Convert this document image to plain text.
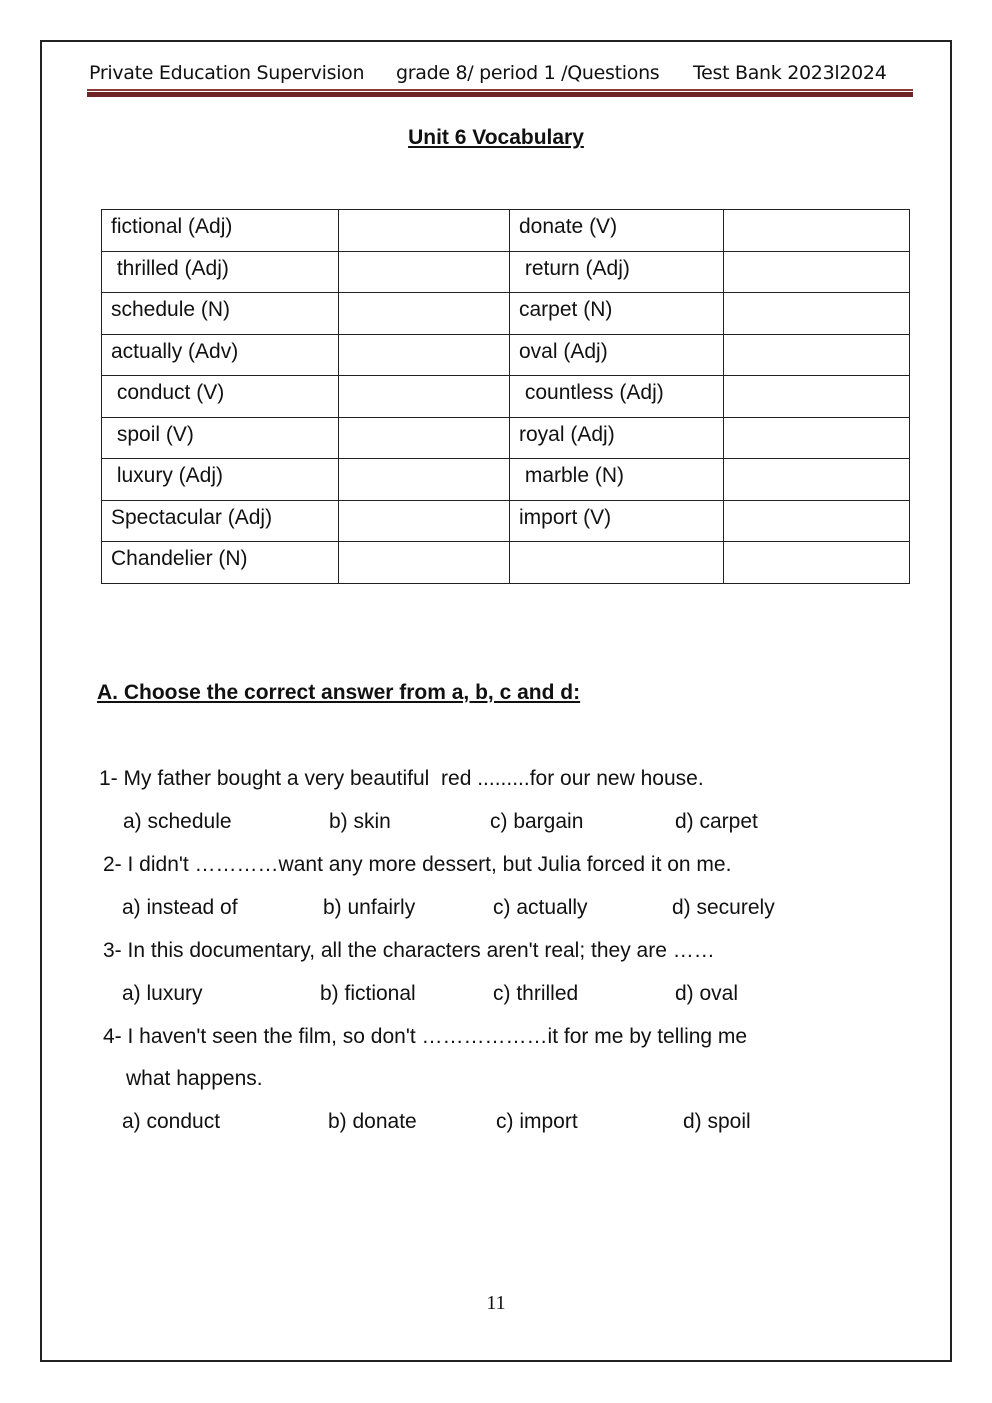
Private Education Supervision grade 8/ period 1 /Questions Test Bank 2023l2024
Unit 6 Vocabulary
fictional (Adj)		donate (V)	
thrilled (Adj)		return (Adj)	
schedule (N)		carpet (N)	
actually (Adv)		oval (Adj)	
conduct (V)		countless (Adj)	
spoil (V)		royal (Adj)	
luxury (Adj)		marble (N)	
Spectacular (Adj)		import (V)	
Chandelier (N)			
A. Choose the correct answer from a, b, c and d:
1- My father bought a very beautiful  red .........for our new house.
a) schedule	b) skin	c) bargain	d) carpet
2- I didn't …………want any more dessert, but Julia forced it on me.
a) instead of	b) unfairly	c) actually	d) securely
3- In this documentary, all the characters aren't real; they are ……
a) luxury	b) fictional	c) thrilled	d) oval
4- I haven't seen the film, so don't ………………it for me by telling me
what happens.
a) conduct	b) donate	c) import	d) spoil
11
